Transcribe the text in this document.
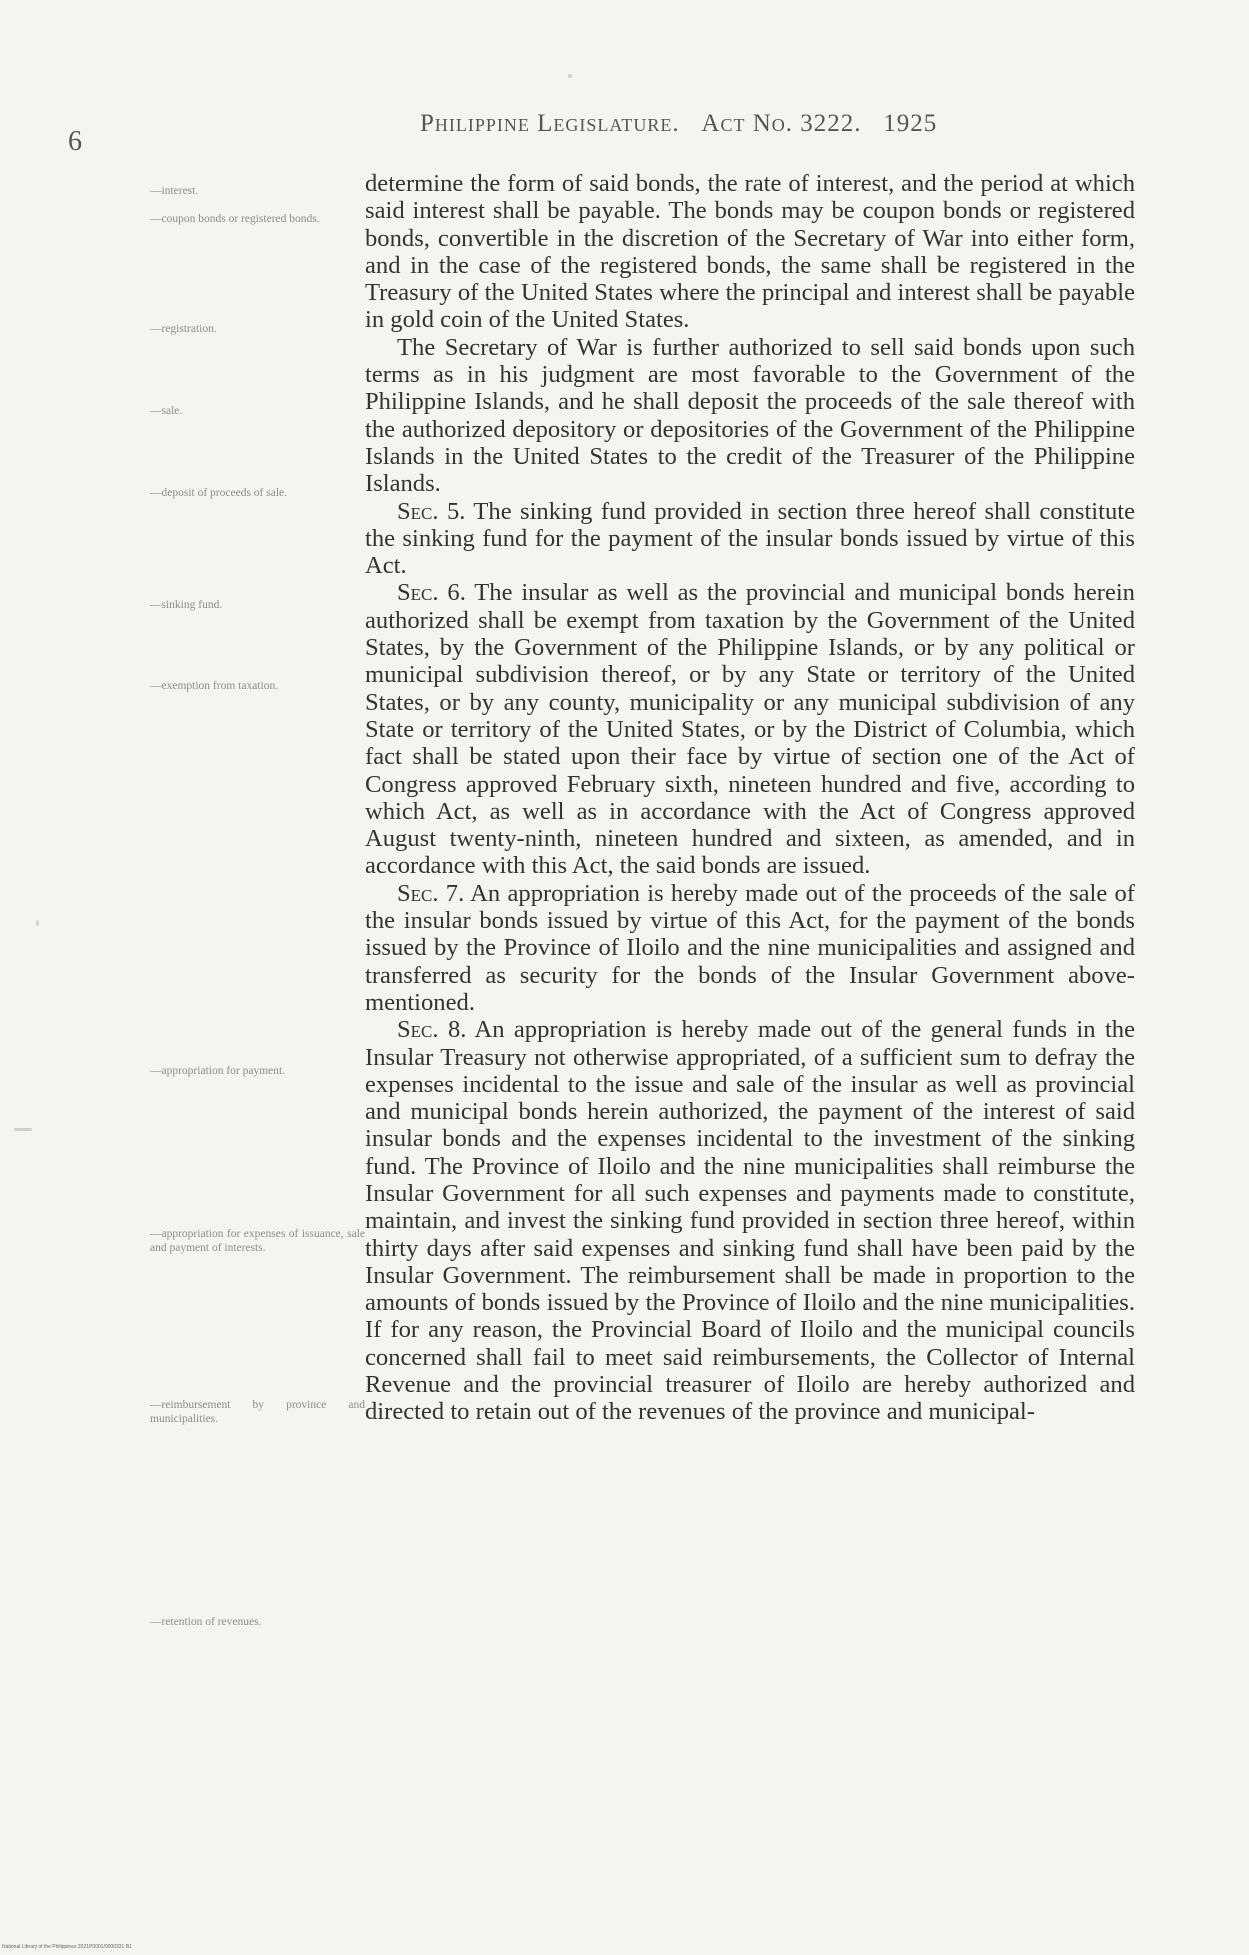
6
Philippine Legislature. Act No. 3222. 1925
—interest.
—coupon bonds or registered bonds.
—registration.
—sale.
—deposit of proceeds of sale.
—sinking fund.
—exemption from taxation.
—appropriation for payment.
—appropriation for expenses of issuance, sale and payment of interests.
—reimbursement by province and municipalities.
—retention of revenues.

determine the form of said bonds, the rate of interest, and the period at which said interest shall be payable. The bonds may be coupon bonds or registered bonds, convertible in the discretion of the Secretary of War into either form, and in the case of the registered bonds, the same shall be registered in the Treasury of the United States where the principal and interest shall be payable in gold coin of the United States.

The Secretary of War is further authorized to sell said bonds upon such terms as in his judgment are most favorable to the Government of the Philippine Islands, and he shall deposit the proceeds of the sale thereof with the authorized depository or depositories of the Government of the Philippine Islands in the United States to the credit of the Treasurer of the Philippine Islands.

Sec. 5. The sinking fund provided in section three hereof shall constitute the sinking fund for the payment of the insular bonds issued by virtue of this Act.

Sec. 6. The insular as well as the provincial and municipal bonds herein authorized shall be exempt from taxation by the Government of the United States, by the Government of the Philippine Islands, or by any political or municipal subdivision thereof, or by any State or territory of the United States, or by any county, municipality or any municipal subdivision of any State or territory of the United States, or by the District of Columbia, which fact shall be stated upon their face by virtue of section one of the Act of Congress approved February sixth, nineteen hundred and five, according to which Act, as well as in accordance with the Act of Congress approved August twenty-ninth, nineteen hundred and sixteen, as amended, and in accordance with this Act, the said bonds are issued.

Sec. 7. An appropriation is hereby made out of the proceeds of the sale of the insular bonds issued by virtue of this Act, for the payment of the bonds issued by the Province of Iloilo and the nine municipalities and assigned and transferred as security for the bonds of the Insular Government above-mentioned.

Sec. 8. An appropriation is hereby made out of the general funds in the Insular Treasury not otherwise appropriated, of a sufficient sum to defray the expenses incidental to the issue and sale of the insular as well as provincial and municipal bonds herein authorized, the payment of the interest of said insular bonds and the expenses incidental to the investment of the sinking fund. The Province of Iloilo and the nine municipalities shall reimburse the Insular Government for all such expenses and payments made to constitute, maintain, and invest the sinking fund provided in section three hereof, within thirty days after said expenses and sinking fund shall have been paid by the Insular Government. The reimbursement shall be made in proportion to the amounts of bonds issued by the Province of Iloilo and the nine municipalities. If for any reason, the Provincial Board of Iloilo and the municipal councils concerned shall fail to meet said reimbursements, the Collector of Internal Revenue and the provincial treasurer of Iloilo are hereby authorized and directed to retain out of the revenues of the province and municipal-

National Library of the Philippines 2021P0001/0000331 B1
